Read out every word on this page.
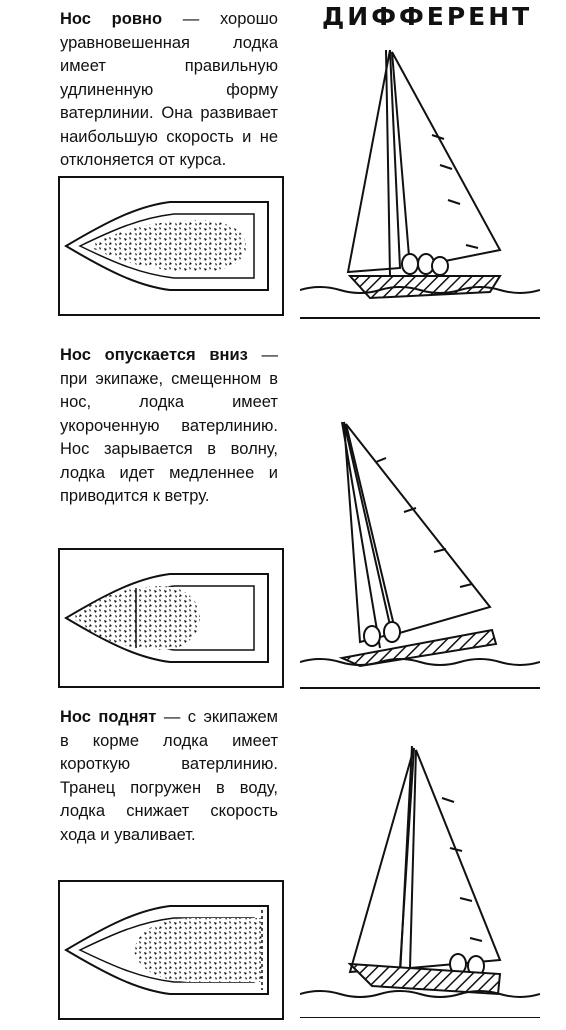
ДИФФЕРЕНТ
Нос ровно — хорошо уравновешенная лодка имеет правильную удлиненную форму ватерлинии. Она развивает наибольшую скорость и не отклоняется от курса.
Нос опускается вниз — при экипаже, смещенном в нос, лодка имеет укороченную ватерлинию. Нос зарывается в волну, лодка идет медленнее и приводится к ветру.
Нос поднят — с экипажем в корме лодка имеет короткую ватерлинию. Транец погружен в воду, лодка снижает скорость хода и уваливает.
